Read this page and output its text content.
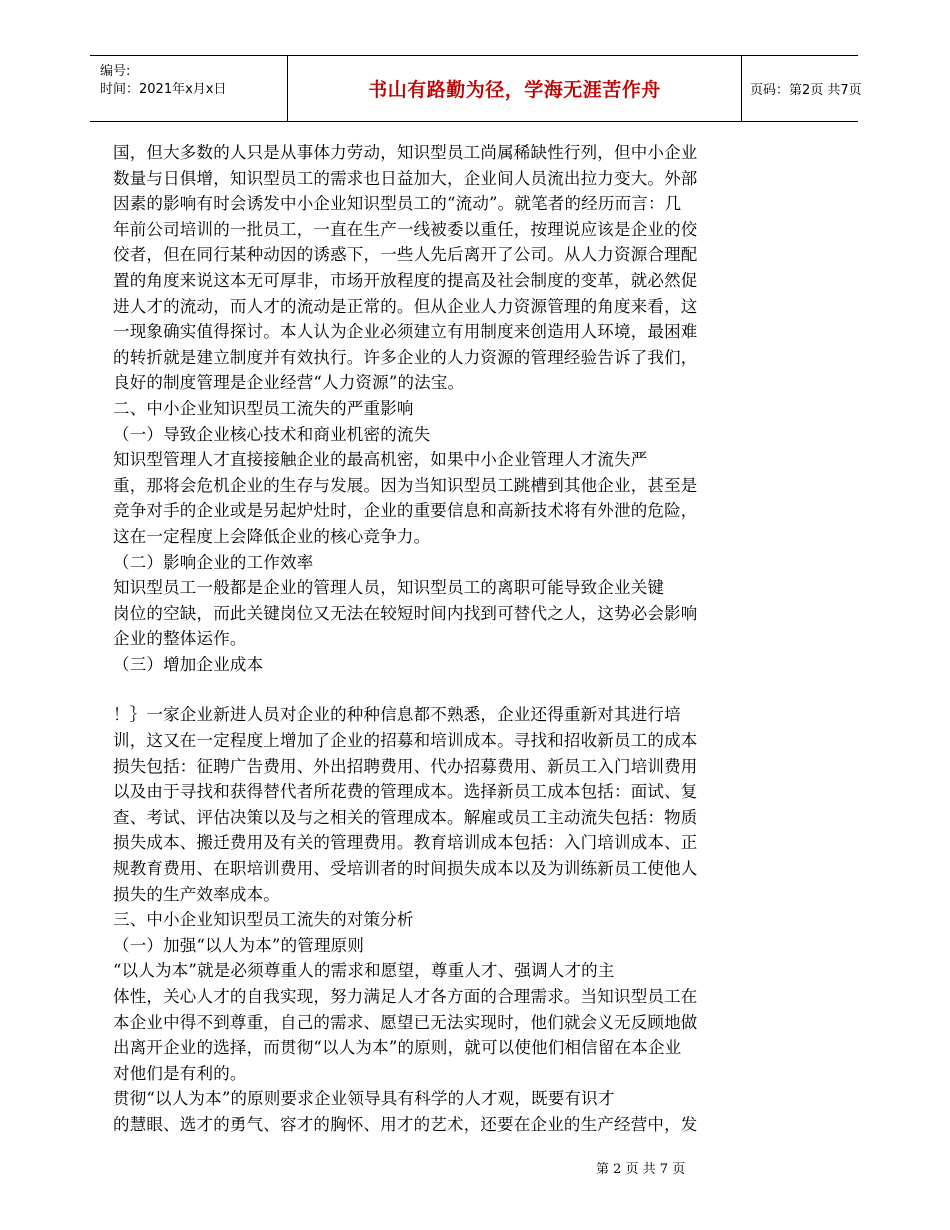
编号:
时间：2021年x月x日	书山有路勤为径，学海无涯苦作舟	页码：第2页 共7页
国，但大多数的人只是从事体力劳动，知识型员工尚属稀缺性行列，但中小企业
数量与日俱增，知识型员工的需求也日益加大，企业间人员流出拉力变大。外部
因素的影响有时会诱发中小企业知识型员工的“流动”。就笔者的经历而言：几
年前公司培训的一批员工，一直在生产一线被委以重任，按理说应该是企业的佼
佼者，但在同行某种动因的诱惑下，一些人先后离开了公司。从人力资源合理配
置的角度来说这本无可厚非，市场开放程度的提高及社会制度的变革，就必然促
进人才的流动，而人才的流动是正常的。但从企业人力资源管理的角度来看，这
一现象确实值得探讨。本人认为企业必须建立有用制度来创造用人环境，最困难
的转折就是建立制度并有效执行。许多企业的人力资源的管理经验告诉了我们，
良好的制度管理是企业经营“人力资源”的法宝。
二、中小企业知识型员工流失的严重影响
（一）导致企业核心技术和商业机密的流失
知识型管理人才直接接触企业的最高机密，如果中小企业管理人才流失严
重，那将会危机企业的生存与发展。因为当知识型员工跳槽到其他企业，甚至是
竞争对手的企业或是另起炉灶时，企业的重要信息和高新技术将有外泄的危险，
这在一定程度上会降低企业的核心竞争力。
（二）影响企业的工作效率
知识型员工一般都是企业的管理人员，知识型员工的离职可能导致企业关键
岗位的空缺，而此关键岗位又无法在较短时间内找到可替代之人，这势必会影响
企业的整体运作。
（三）增加企业成本
！｝一家企业新进人员对企业的种种信息都不熟悉，企业还得重新对其进行培
训，这又在一定程度上增加了企业的招募和培训成本。寻找和招收新员工的成本
损失包括：征聘广告费用、外出招聘费用、代办招募费用、新员工入门培训费用
以及由于寻找和获得替代者所花费的管理成本。选择新员工成本包括：面试、复
查、考试、评估决策以及与之相关的管理成本。解雇或员工主动流失包括：物质
损失成本、搬迁费用及有关的管理费用。教育培训成本包括：入门培训成本、正
规教育费用、在职培训费用、受培训者的时间损失成本以及为训练新员工使他人
损失的生产效率成本。
三、中小企业知识型员工流失的对策分析
（一）加强“以人为本”的管理原则
“以人为本”就是必须尊重人的需求和愿望，尊重人才、强调人才的主
体性，关心人才的自我实现，努力满足人才各方面的合理需求。当知识型员工在
本企业中得不到尊重，自己的需求、愿望已无法实现时，他们就会义无反顾地做
出离开企业的选择，而贯彻“以人为本”的原则，就可以使他们相信留在本企业
对他们是有利的。
贯彻“以人为本”的原则要求企业领导具有科学的人才观，既要有识才
的慧眼、选才的勇气、容才的胸怀、用才的艺术，还要在企业的生产经营中，发
第 2 页 共 7 页
